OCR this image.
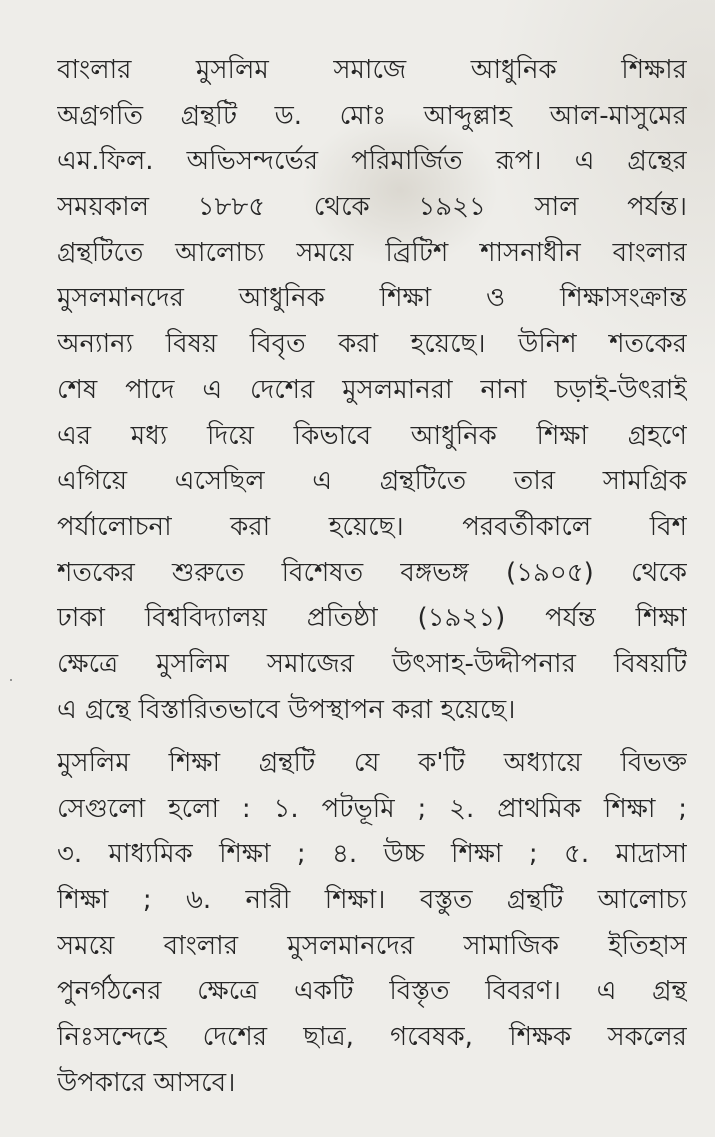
বাংলার মুসলিম সমাজে আধুনিক শিক্ষার
অগ্রগতি গ্রন্থটি ড. মোঃ আব্দুল্লাহ আল-মাসুমের
এম.ফিল. অভিসন্দর্ভের পরিমার্জিত রূপ। এ গ্রন্থের
সময়কাল ১৮৮৫ থেকে ১৯২১ সাল পর্যন্ত।
গ্রন্থটিতে আলোচ্য সময়ে ব্রিটিশ শাসনাধীন বাংলার
মুসলমানদের আধুনিক শিক্ষা ও শিক্ষাসংক্রান্ত
অন্যান্য বিষয় বিবৃত করা হয়েছে। উনিশ শতকের
শেষ পাদে এ দেশের মুসলমানরা নানা চড়াই-উৎরাই
এর মধ্য দিয়ে কিভাবে আধুনিক শিক্ষা গ্রহণে
এগিয়ে এসেছিল এ গ্রন্থটিতে তার সামগ্রিক
পর্যালোচনা করা হয়েছে। পরবর্তীকালে বিশ
শতকের শুরুতে বিশেষত বঙ্গভঙ্গ (১৯০৫) থেকে
ঢাকা বিশ্ববিদ্যালয় প্রতিষ্ঠা (১৯২১) পর্যন্ত শিক্ষা
ক্ষেত্রে মুসলিম সমাজের উৎসাহ-উদ্দীপনার বিষয়টি
এ গ্রন্থে বিস্তারিতভাবে উপস্থাপন করা হয়েছে।

মুসলিম শিক্ষা গ্রন্থটি যে ক'টি অধ্যায়ে বিভক্ত
সেগুলো হলো : ১. পটভূমি ; ২. প্রাথমিক শিক্ষা ;
৩. মাধ্যমিক শিক্ষা ; ৪. উচ্চ শিক্ষা ; ৫. মাদ্রাসা
শিক্ষা ; ৬. নারী শিক্ষা। বস্তুত গ্রন্থটি আলোচ্য
সময়ে বাংলার মুসলমানদের সামাজিক ইতিহাস
পুনর্গঠনের ক্ষেত্রে একটি বিস্তৃত বিবরণ। এ গ্রন্থ
নিঃসন্দেহে দেশের ছাত্র, গবেষক, শিক্ষক সকলের
উপকারে আসবে।
